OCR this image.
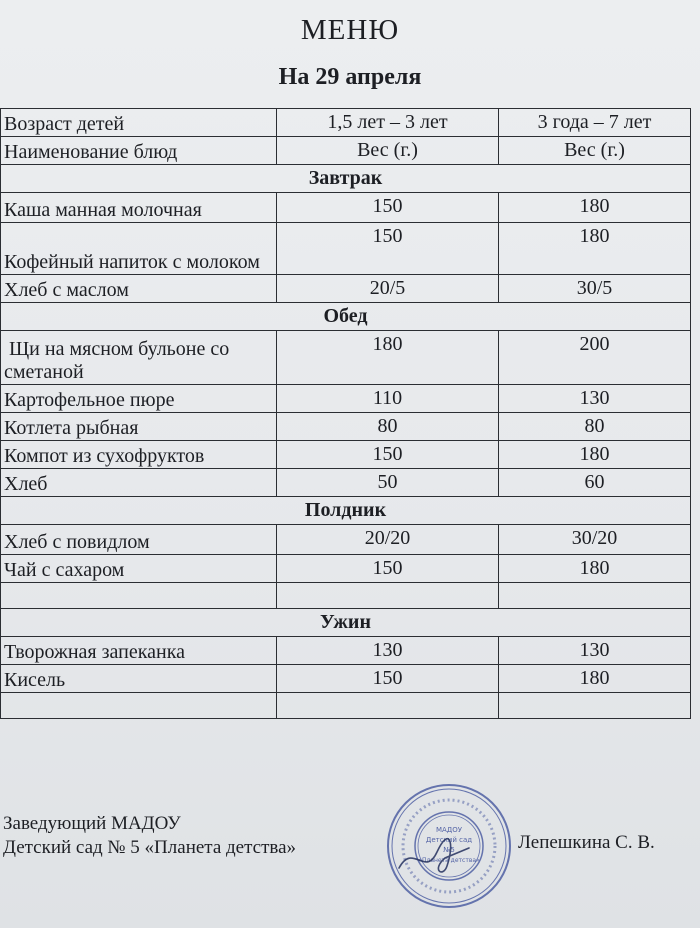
МЕНЮ
На 29 апреля
Возраст детей	1,5 лет – 3 лет	3 года – 7 лет
Наименование блюд	Вес (г.)	Вес (г.)
Завтрак		
Каша манная молочная	150	180
Кофейный напиток с молоком	150	180
Хлеб с маслом	20/5	30/5
Обед		
Щи на мясном бульоне со сметаной	180	200
Картофельное пюре	110	130
Котлета рыбная	80	80
Компот из сухофруктов	150	180
Хлеб	50	60
Полдник		
Хлеб с повидлом	20/20	30/20
Чай с сахаром	150	180

Ужин		
Творожная запеканка	130	130
Кисель	150	180

Заведующий МАДОУ
Детский сад № 5 «Планета детства»
МАДОУ
Детский сад
№5
«Планета детства»
Лепешкина С. В.
